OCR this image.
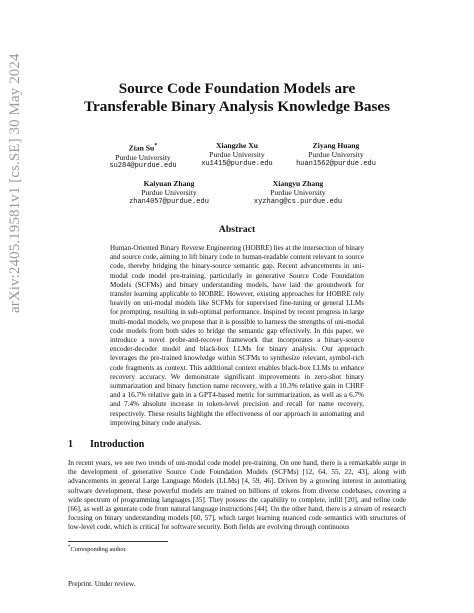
arXiv:2405.19581v1 [cs.SE] 30 May 2024	Source Code Foundation Models are Transferable Binary Analysis Knowledge Bases
Zian Su*
Purdue University
su284@purdue.edu
Xiangzhe Xu
Purdue University
xu1415@purdue.edu
Ziyang Huang
Purdue University
huan1562@purdue.edu
Kaiyuan Zhang
Purdue University
zhan4057@purdue.edu
Xiangyu Zhang
Purdue University
xyzhang@cs.purdue.edu
Abstract
Human-Oriented Binary Reverse Engineering (HOBRE) lies at the intersection of binary and source code, aiming to lift binary code to human-readable content relevant to source code, thereby bridging the binary-source semantic gap. Recent advancements in uni-modal code model pre-training, particularly in generative Source Code Foundation Models (SCFMs) and binary understanding models, have laid the groundwork for transfer learning applicable to HOBRE. However, existing approaches for HOBRE rely heavily on uni-modal models like SCFMs for supervised fine-tuning or general LLMs for prompting, resulting in sub-optimal performance. Inspired by recent progress in large multi-modal models, we propose that it is possible to harness the strengths of uni-modal code models from both sides to bridge the semantic gap effectively. In this paper, we introduce a novel probe-and-recover framework that incorporates a binary-source encoder-decoder model and black-box LLMs for binary analysis. Our approach leverages the pre-trained knowledge within SCFMs to synthesize relevant, symbol-rich code fragments as context. This additional context enables black-box LLMs to enhance recovery accuracy. We demonstrate significant improvements in zero-shot binary summarization and binary function name recovery, with a 10.3% relative gain in CHRF and a 16.7% relative gain in a GPT4-based metric for summarization, as well as a 6.7% and 7.4% absolute increase in token-level precision and recall for name recovery, respectively. These results highlight the effectiveness of our approach in automating and improving binary code analysis.
1 Introduction
In recent years, we see two trends of uni-modal code model pre-training. On one hand, there is a remarkable surge in the development of generative Source Code Foundation Models (SCFMs) [12, 64, 55, 22, 43], along with advancements in general Large Language Models (LLMs) [4, 59, 46]. Driven by a growing interest in automating software development, these powerful models are trained on billions of tokens from diverse codebases, covering a wide spectrum of programming languages [35]. They possess the capability to complete, infill [20], and refine code [66], as well as generate code from natural language instructions [44]. On the other hand, there is a stream of research focusing on binary understanding models [60, 57], which target learning nuanced code semantics with structures of low-level code, which is critical for software security. Both fields are evolving through continuous
*Corresponding author.
Preprint. Under review.
